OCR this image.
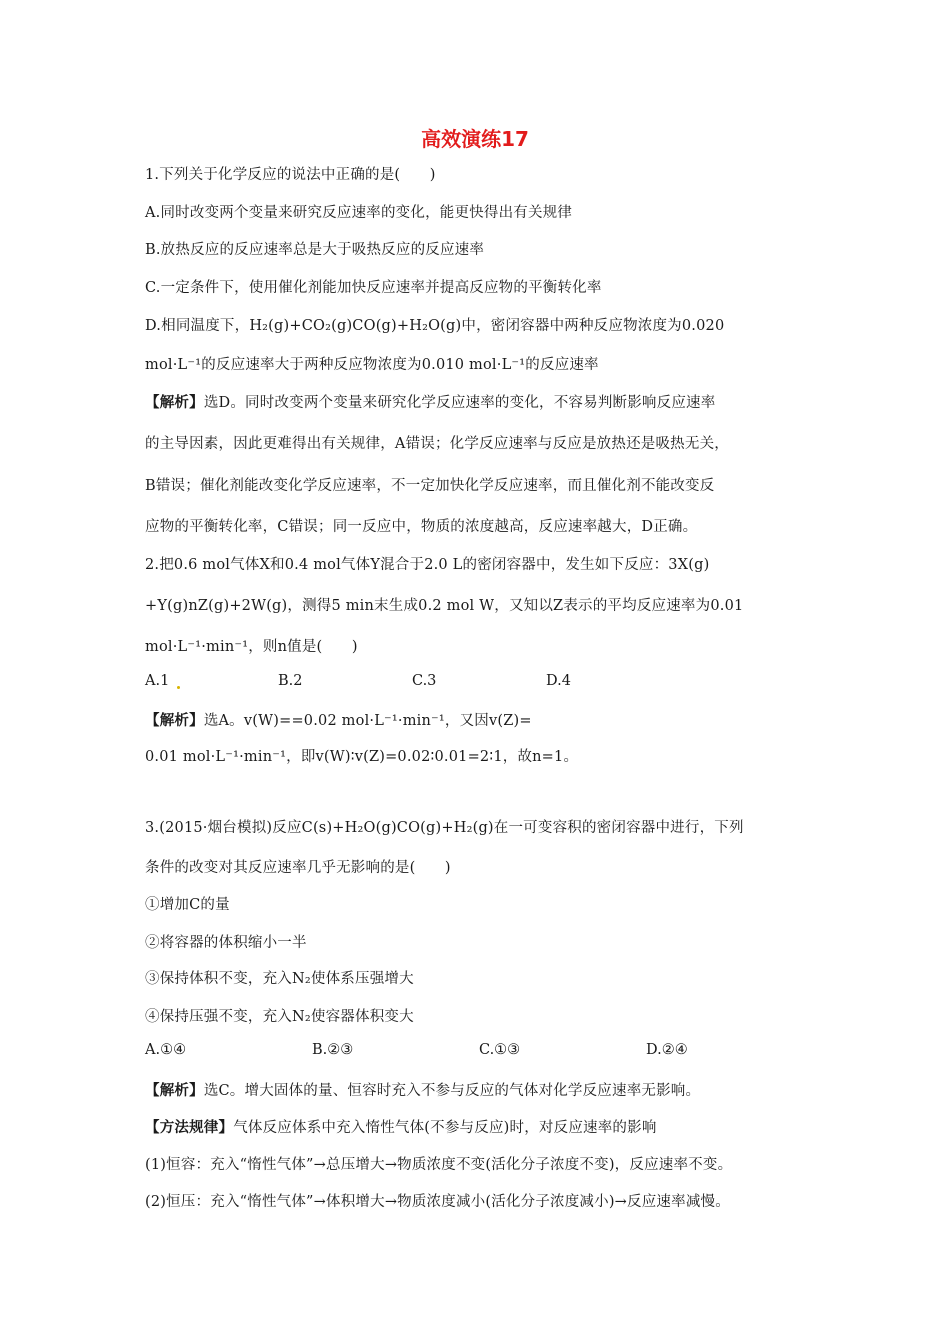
高效演练17
1.下列关于化学反应的说法中正确的是(　　)
A.同时改变两个变量来研究反应速率的变化，能更快得出有关规律
B.放热反应的反应速率总是大于吸热反应的反应速率
C.一定条件下，使用催化剂能加快反应速率并提高反应物的平衡转化率
D.相同温度下，H₂(g)+CO₂(g)CO(g)+H₂O(g)中，密闭容器中两种反应物浓度为0.020
mol·L⁻¹的反应速率大于两种反应物浓度为0.010 mol·L⁻¹的反应速率
【解析】选D。同时改变两个变量来研究化学反应速率的变化，不容易判断影响反应速率
的主导因素，因此更难得出有关规律，A错误；化学反应速率与反应是放热还是吸热无关，
B错误；催化剂能改变化学反应速率，不一定加快化学反应速率，而且催化剂不能改变反
应物的平衡转化率，C错误；同一反应中，物质的浓度越高，反应速率越大，D正确。
2.把0.6 mol气体X和0.4 mol气体Y混合于2.0 L的密闭容器中，发生如下反应：3X(g)
+Y(g)nZ(g)+2W(g)，测得5 min末生成0.2 mol W，又知以Z表示的平均反应速率为0.01
mol·L⁻¹·min⁻¹，则n值是(　　)
A.1	B.2	C.3	D.4
【解析】选A。v(W)==0.02 mol·L⁻¹·min⁻¹，又因v(Z)=
0.01 mol·L⁻¹·min⁻¹，即v(W)∶v(Z)=0.02∶0.01=2∶1，故n=1。
3.(2015·烟台模拟)反应C(s)+H₂O(g)CO(g)+H₂(g)在一可变容积的密闭容器中进行，下列
条件的改变对其反应速率几乎无影响的是(　　)
①增加C的量
②将容器的体积缩小一半
③保持体积不变，充入N₂使体系压强增大
④保持压强不变，充入N₂使容器体积变大
A.①④	B.②③	C.①③	D.②④
【解析】选C。增大固体的量、恒容时充入不参与反应的气体对化学反应速率无影响。
【方法规律】气体反应体系中充入惰性气体(不参与反应)时，对反应速率的影响
(1)恒容：充入“惰性气体”→总压增大→物质浓度不变(活化分子浓度不变)，反应速率不变。
(2)恒压：充入“惰性气体”→体积增大→物质浓度减小(活化分子浓度减小)→反应速率减慢。
